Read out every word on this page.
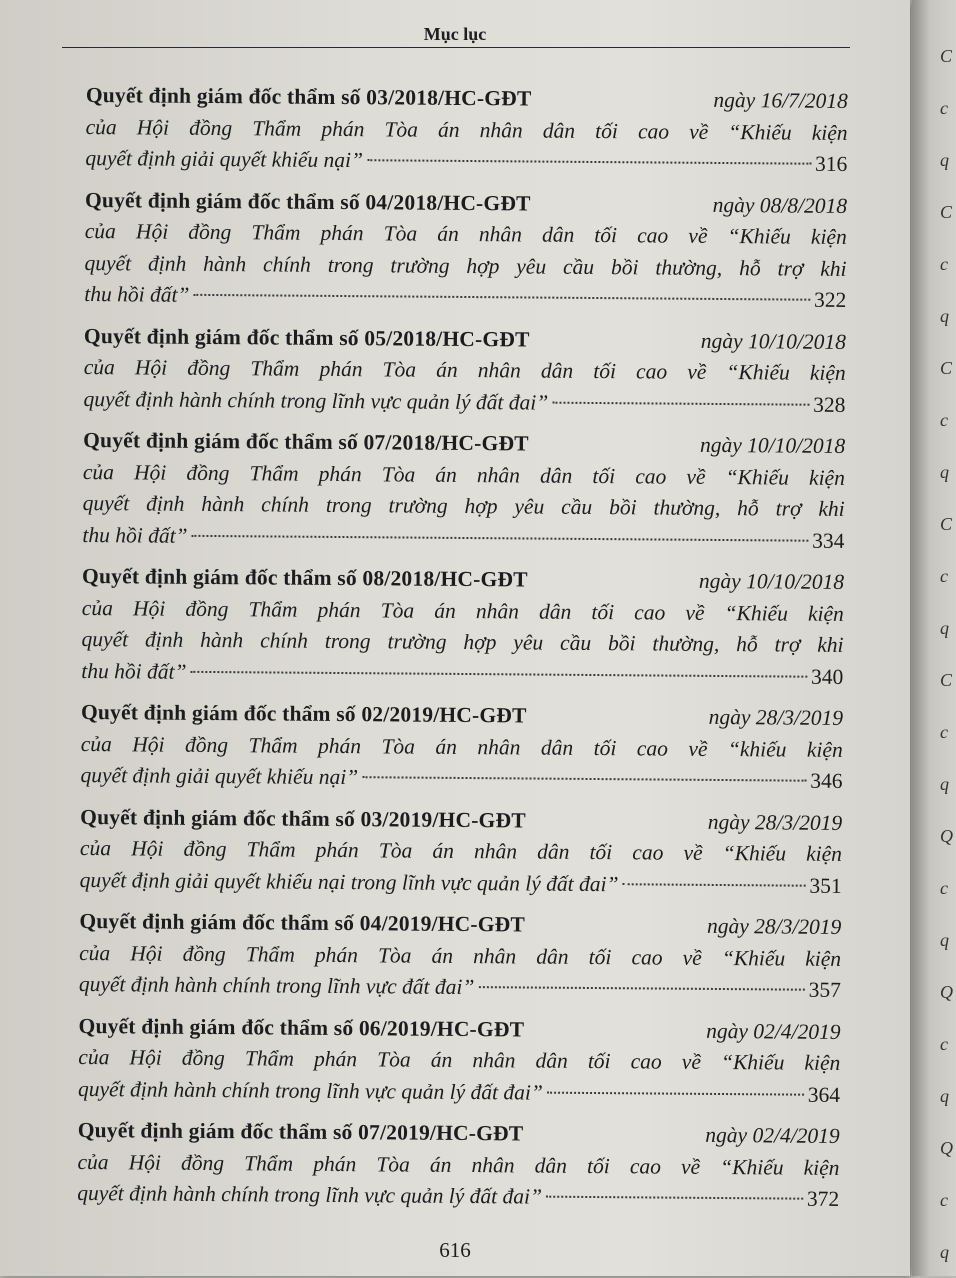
Mục lục
Quyết định giám đốc thẩm số 03/2018/HC-GĐT	ngày 16/7/2018
của Hội đồng Thẩm phán Tòa án nhân dân tối cao về “Khiếu kiện
quyết định giải quyết khiếu nại”	316
Quyết định giám đốc thẩm số 04/2018/HC-GĐT	ngày 08/8/2018
của Hội đồng Thẩm phán Tòa án nhân dân tối cao về “Khiếu kiện
quyết định hành chính trong trường hợp yêu cầu bồi thường, hỗ trợ khi
thu hồi đất”	322
Quyết định giám đốc thẩm số 05/2018/HC-GĐT	ngày 10/10/2018
của Hội đồng Thẩm phán Tòa án nhân dân tối cao về “Khiếu kiện
quyết định hành chính trong lĩnh vực quản lý đất đai”	328
Quyết định giám đốc thẩm số 07/2018/HC-GĐT	ngày 10/10/2018
của Hội đồng Thẩm phán Tòa án nhân dân tối cao về “Khiếu kiện
quyết định hành chính trong trường hợp yêu cầu bồi thường, hỗ trợ khi
thu hồi đất”	334
Quyết định giám đốc thẩm số 08/2018/HC-GĐT	ngày 10/10/2018
của Hội đồng Thẩm phán Tòa án nhân dân tối cao về “Khiếu kiện
quyết định hành chính trong trường hợp yêu cầu bồi thường, hỗ trợ khi
thu hồi đất”	340
Quyết định giám đốc thẩm số 02/2019/HC-GĐT	ngày 28/3/2019
của Hội đồng Thẩm phán Tòa án nhân dân tối cao về “khiếu kiện
quyết định giải quyết khiếu nại”	346
Quyết định giám đốc thẩm số 03/2019/HC-GĐT	ngày 28/3/2019
của Hội đồng Thẩm phán Tòa án nhân dân tối cao về “Khiếu kiện
quyết định giải quyết khiếu nại trong lĩnh vực quản lý đất đai”	351
Quyết định giám đốc thẩm số 04/2019/HC-GĐT	ngày 28/3/2019
của Hội đồng Thẩm phán Tòa án nhân dân tối cao về “Khiếu kiện
quyết định hành chính trong lĩnh vực đất đai”	357
Quyết định giám đốc thẩm số 06/2019/HC-GĐT	ngày 02/4/2019
của Hội đồng Thẩm phán Tòa án nhân dân tối cao về “Khiếu kiện
quyết định hành chính trong lĩnh vực quản lý đất đai”	364
Quyết định giám đốc thẩm số 07/2019/HC-GĐT	ngày 02/4/2019
của Hội đồng Thẩm phán Tòa án nhân dân tối cao về “Khiếu kiện
quyết định hành chính trong lĩnh vực quản lý đất đai”	372
616
C
c
q
C
c
q
C
c
q
C
c
q
C
c
q
Q
c
q
Q
c
q
Q
c
q
